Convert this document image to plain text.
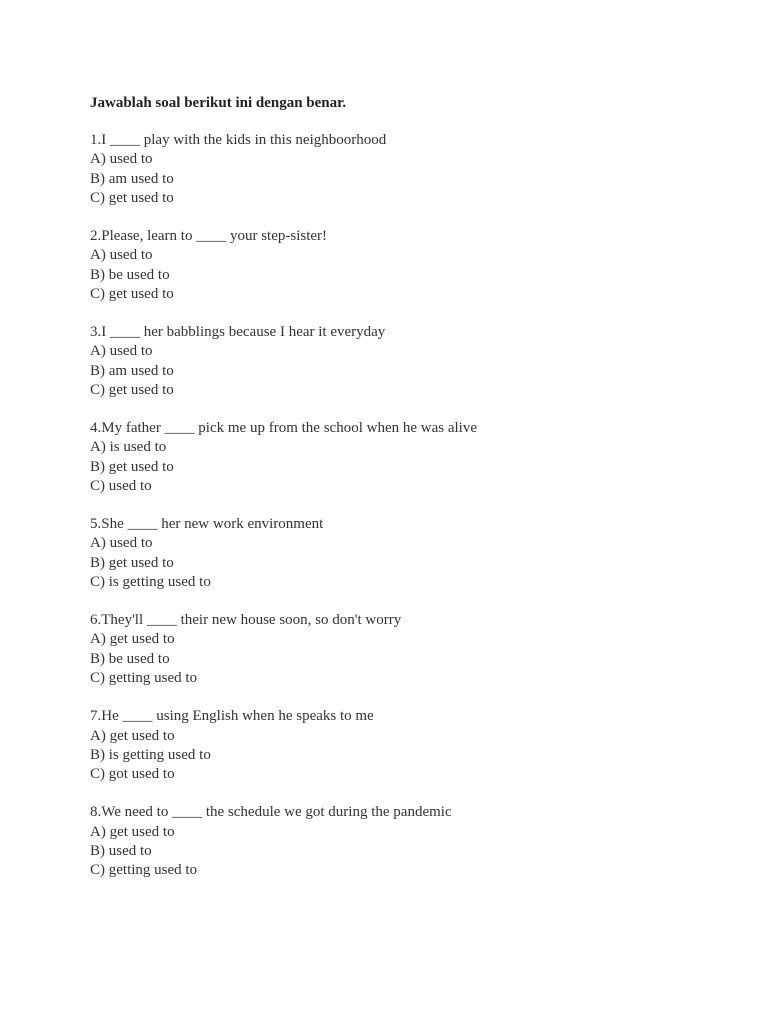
Jawablah soal berikut ini dengan benar.
1.I ____ play with the kids in this neighboorhood
A) used to
B) am used to
C) get used to
2.Please, learn to ____ your step-sister!
A) used to
B) be used to
C) get used to
3.I ____ her babblings because I hear it everyday
A) used to
B) am used to
C) get used to
4.My father ____ pick me up from the school when he was alive
A) is used to
B) get used to
C) used to
5.She ____ her new work environment
A) used to
B) get used to
C) is getting used to
6.They'll ____ their new house soon, so don't worry
A) get used to
B) be used to
C) getting used to
7.He ____ using English when he speaks to me
A) get used to
B) is getting used to
C) got used to
8.We need to ____ the schedule we got during the pandemic
A) get used to
B) used to
C) getting used to
